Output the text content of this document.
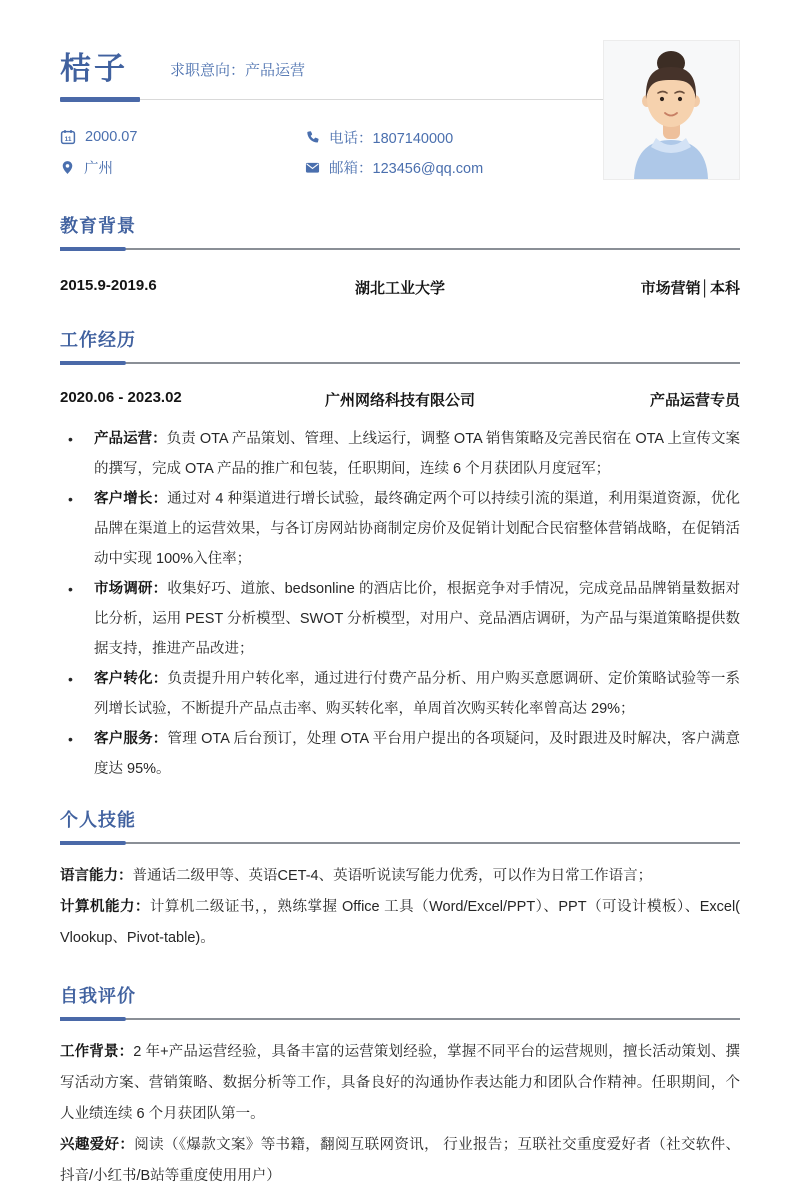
桔子	求职意向：产品运营
11 2000.07	电话：1807140000
广州	邮箱：123456@qq.com
教育背景
2015.9-2019.6	湖北工业大学	市场营销│本科
工作经历
2020.06 - 2023.02	广州网络科技有限公司	产品运营专员
• 产品运营：负责 OTA 产品策划、管理、上线运行，调整 OTA 销售策略及完善民宿在 OTA 上宣传文案的撰写，完成 OTA 产品的推广和包装，任职期间，连续 6 个月获团队月度冠军；
• 客户增长：通过对 4 种渠道进行增长试验，最终确定两个可以持续引流的渠道，利用渠道资源，优化品牌在渠道上的运营效果，与各订房网站协商制定房价及促销计划配合民宿整体营销战略，在促销活动中实现 100%入住率；
• 市场调研：收集好巧、道旅、bedsonline 的酒店比价，根据竞争对手情况，完成竞品品牌销量数据对比分析，运用 PEST 分析模型、SWOT 分析模型，对用户、竞品酒店调研，为产品与渠道策略提供数据支持，推进产品改进；
• 客户转化：负责提升用户转化率，通过进行付费产品分析、用户购买意愿调研、定价策略试验等一系列增长试验，不断提升产品点击率、购买转化率，单周首次购买转化率曾高达 29%；
• 客户服务：管理 OTA 后台预订，处理 OTA 平台用户提出的各项疑问，及时跟进及时解决，客户满意度达 95%。
个人技能
语言能力：普通话二级甲等、英语CET-4、英语听说读写能力优秀，可以作为日常工作语言；
计算机能力：计算机二级证书，，熟练掌握 Office 工具（Word/Excel/PPT）、PPT（可设计模板）、Excel( Vlookup、Pivot-table)。
自我评价
工作背景：2 年+产品运营经验，具备丰富的运营策划经验，掌握不同平台的运营规则，擅长活动策划、撰写活动方案、营销策略、数据分析等工作，具备良好的沟通协作表达能力和团队合作精神。任职期间，个人业绩连续 6 个月获团队第一。
兴趣爱好：阅读（《爆款文案》等书籍，翻阅互联网资讯， 行业报告；互联社交重度爱好者（社交软件、 抖音/小红书/B站等重度使用用户）
